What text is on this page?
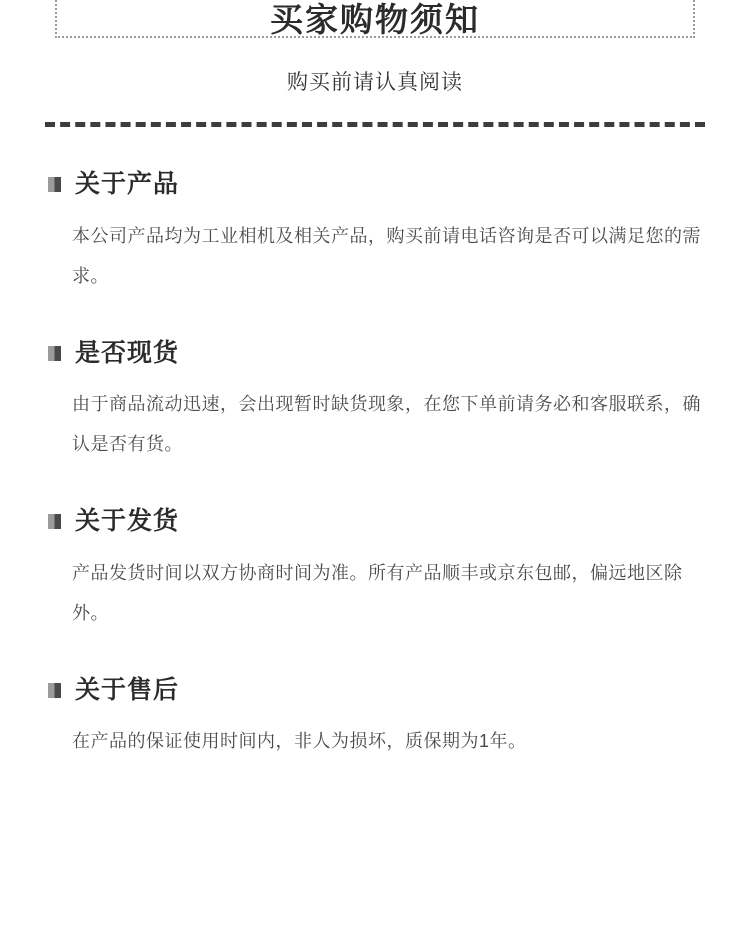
买家购物须知
购买前请认真阅读
关于产品
本公司产品均为工业相机及相关产品，购买前请电话咨询是否可以满足您的需求。
是否现货
由于商品流动迅速，会出现暂时缺货现象，在您下单前请务必和客服联系，确认是否有货。
关于发货
产品发货时间以双方协商时间为准。所有产品顺丰或京东包邮，偏远地区除外。
关于售后
在产品的保证使用时间内，非人为损坏，质保期为1年。
